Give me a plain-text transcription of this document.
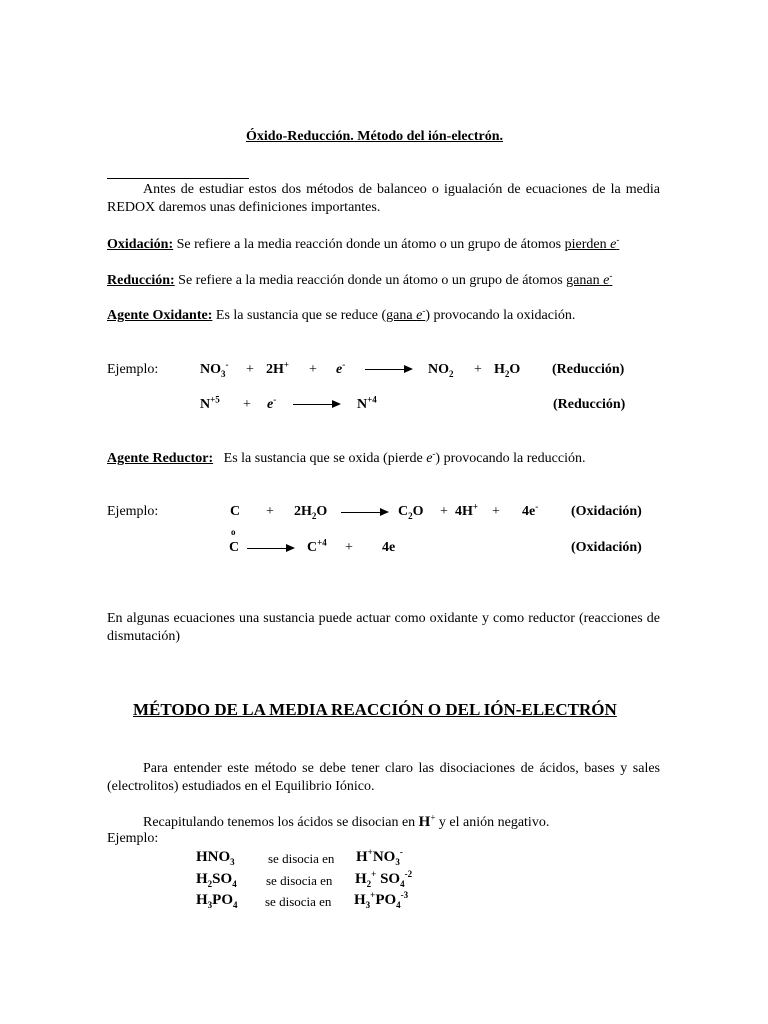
Óxido-Reducción. Método del ión-electrón.
Antes de estudiar estos dos métodos de balanceo o igualación de ecuaciones de la media REDOX daremos unas definiciones importantes.
Oxidación: Se refiere a la media reacción donde un átomo o un grupo de átomos pierden e-
Reducción: Se refiere a la media reacción donde un átomo o un grupo de átomos ganan e-
Agente Oxidante: Es la sustancia que se reduce (gana e-) provocando la oxidación.
Ejemplo:	$NO_3^- + 2H^+ + e^- \to NO_2 + H_2O$ (Reducción)
$N^{+5} + e^- \to N^{+4}$	(Reducción)
Agente Reductor: Es la sustancia que se oxida (pierde e-) provocando la reducción.
Ejemplo:	$C + 2H_2O \to C_2O + 4H^+ + 4e^-$ (Oxidación)
o
$C \to C^{+4} + 4e$	(Oxidación)
En algunas ecuaciones una sustancia puede actuar como oxidante y como reductor (reacciones de dismutación)
MÉTODO DE LA MEDIA REACCIÓN O DEL IÓN-ELECTRÓN
Para entender este método se debe tener claro las disociaciones de ácidos, bases y sales (electrolitos) estudiados en el Equilibrio Iónico.
Recapitulando tenemos los ácidos se disocian en H+ y el anión negativo.
Ejemplo:
$HNO_3$	se disocia en $H^+NO_3^-$
$H_2SO_4$ se disocia en $H_2^+$ $SO_4^{-2}$
$H_3PO_4$ se disocia en $H_3^+PO_4^{-3}$
